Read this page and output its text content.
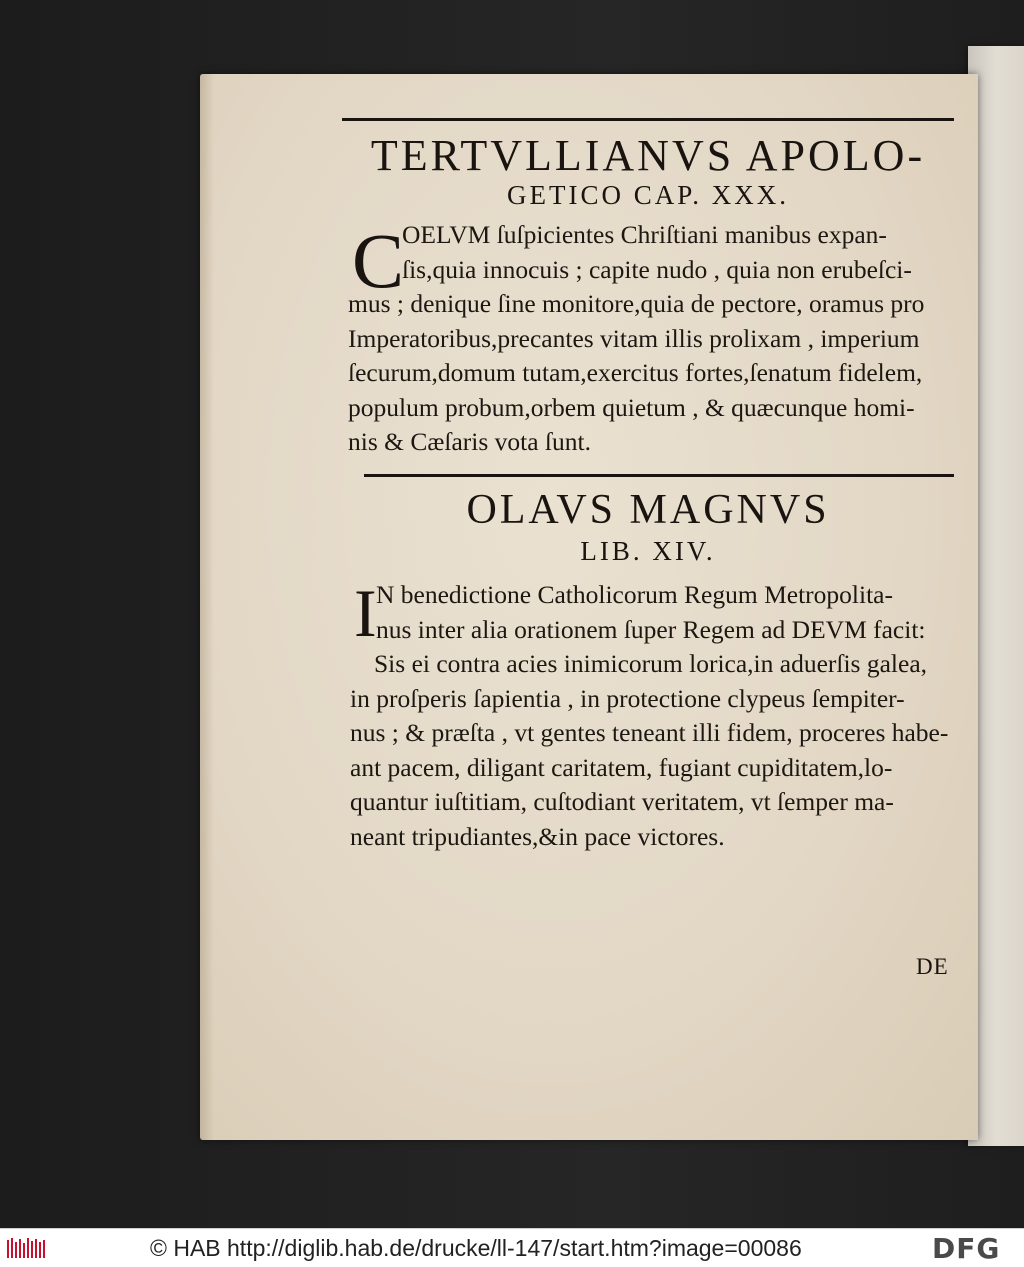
TERTVLLIANVS APOLO-
GETICO CAP. XXX.
C
OELVM ſuſpicientes Chriſtiani manibus expan-
ſis,quia innocuis ; capite nudo , quia non erubeſci-
mus ; denique ſine monitore,quia de pectore, oramus pro
Imperatoribus,precantes vitam illis prolixam , imperium
ſecurum,domum tutam,exercitus fortes,ſenatum fidelem,
populum probum,orbem quietum , & quæcunque homi-
nis & Cæſaris vota ſunt.
OLAVS MAGNVS
LIB. XIV.
I N benedictione Catholicorum Regum Metropolita-
nus inter alia orationem ſuper Regem ad DEVM facit:
Sis ei contra acies inimicorum lorica,in aduerſis galea,
in proſperis ſapientia , in protectione clypeus ſempiter-
nus ; & præſta , vt gentes teneant illi fidem, proceres habe-
ant pacem, diligant caritatem, fugiant cupiditatem,lo-
quantur iuſtitiam, cuſtodiant veritatem, vt ſemper ma-
neant tripudiantes,&in pace victores.
DE
© HAB http://diglib.hab.de/drucke/ll-147/start.htm?image=00086	DFG
